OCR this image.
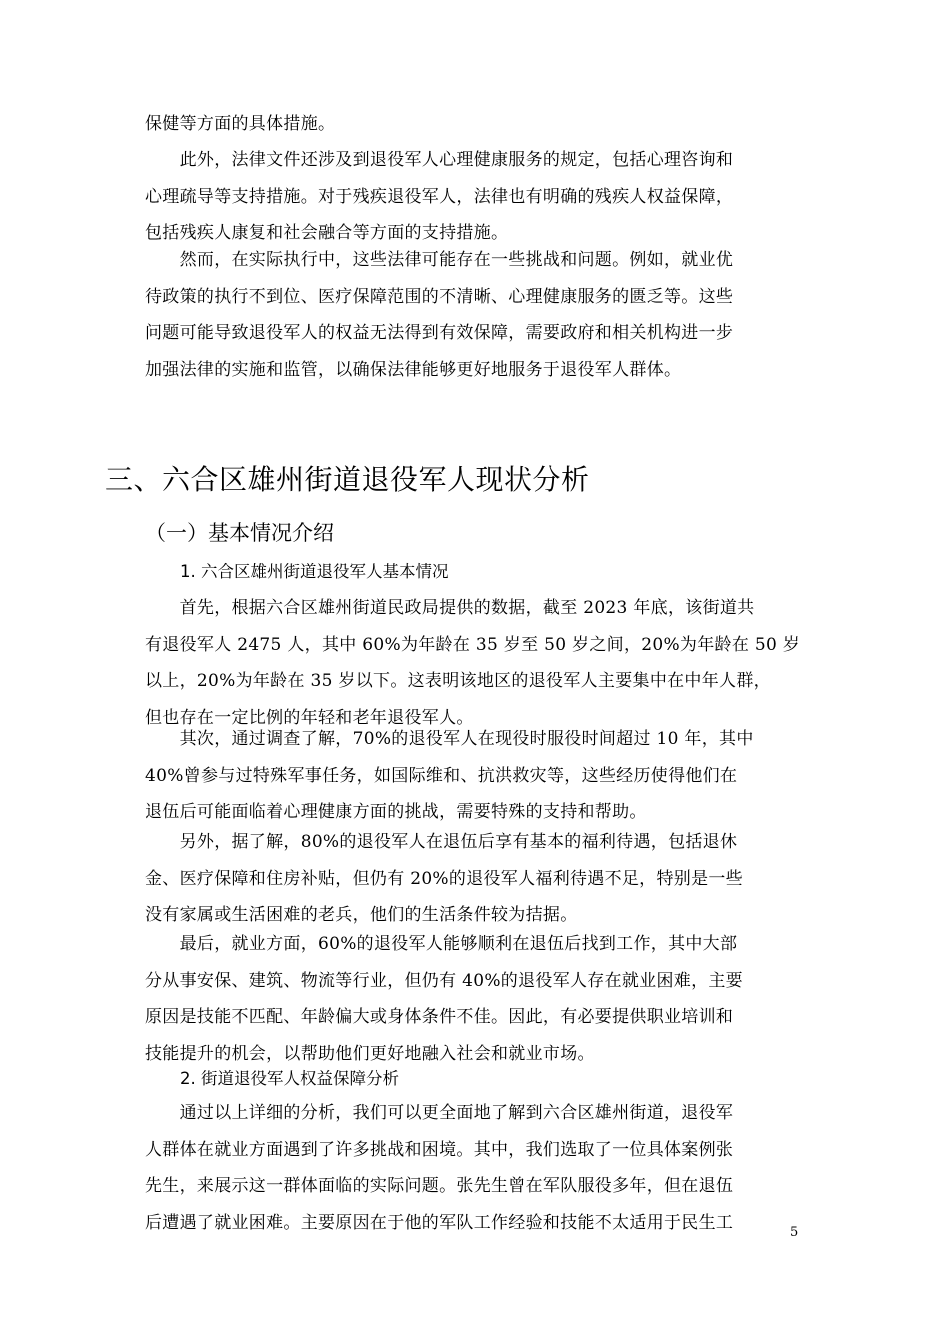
保健等方面的具体措施。
　　此外，法律文件还涉及到退役军人心理健康服务的规定，包括心理咨询和
心理疏导等支持措施。对于残疾退役军人，法律也有明确的残疾人权益保障，
包括残疾人康复和社会融合等方面的支持措施。
　　然而，在实际执行中，这些法律可能存在一些挑战和问题。例如，就业优
待政策的执行不到位、医疗保障范围的不清晰、心理健康服务的匮乏等。这些
问题可能导致退役军人的权益无法得到有效保障，需要政府和相关机构进一步
加强法律的实施和监管，以确保法律能够更好地服务于退役军人群体。
三、六合区雄州街道退役军人现状分析
（一）基本情况介绍
1. 六合区雄州街道退役军人基本情况
　　首先，根据六合区雄州街道民政局提供的数据，截至 2023 年底，该街道共
有退役军人 2475 人，其中 60%为年龄在 35 岁至 50 岁之间，20%为年龄在 50 岁
以上，20%为年龄在 35 岁以下。这表明该地区的退役军人主要集中在中年人群，
但也存在一定比例的年轻和老年退役军人。
　　其次，通过调查了解，70%的退役军人在现役时服役时间超过 10 年，其中
40%曾参与过特殊军事任务，如国际维和、抗洪救灾等，这些经历使得他们在
退伍后可能面临着心理健康方面的挑战，需要特殊的支持和帮助。
　　另外，据了解，80%的退役军人在退伍后享有基本的福利待遇，包括退休
金、医疗保障和住房补贴，但仍有 20%的退役军人福利待遇不足，特别是一些
没有家属或生活困难的老兵，他们的生活条件较为拮据。
　　最后，就业方面，60%的退役军人能够顺利在退伍后找到工作，其中大部
分从事安保、建筑、物流等行业，但仍有 40%的退役军人存在就业困难，主要
原因是技能不匹配、年龄偏大或身体条件不佳。因此，有必要提供职业培训和
技能提升的机会，以帮助他们更好地融入社会和就业市场。
2. 街道退役军人权益保障分析
　　通过以上详细的分析，我们可以更全面地了解到六合区雄州街道，退役军
人群体在就业方面遇到了许多挑战和困境。其中，我们选取了一位具体案例张
先生，来展示这一群体面临的实际问题。张先生曾在军队服役多年，但在退伍
后遭遇了就业困难。主要原因在于他的军队工作经验和技能不太适用于民生工	5
